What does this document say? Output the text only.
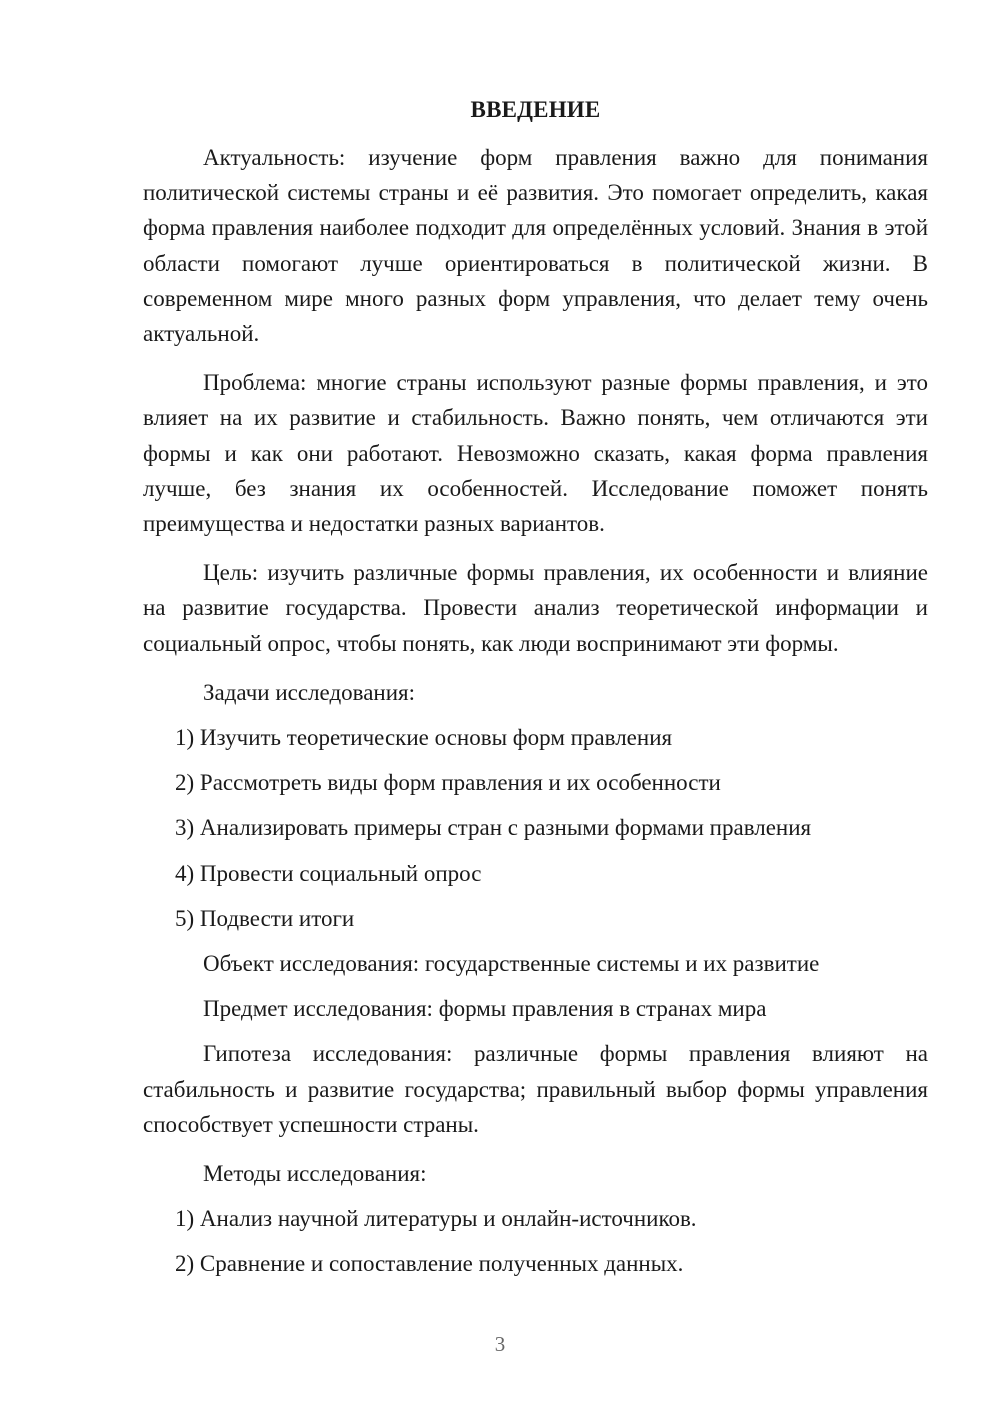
ВВЕДЕНИЕ

Актуальность: изучение форм правления важно для понимания политической системы страны и её развития. Это помогает определить, какая форма правления наиболее подходит для определённых условий. Знания в этой области помогают лучше ориентироваться в политической жизни. В современном мире много разных форм управления, что делает тему очень актуальной.

Проблема: многие страны используют разные формы правления, и это влияет на их развитие и стабильность. Важно понять, чем отличаются эти формы и как они работают. Невозможно сказать, какая форма правления лучше, без знания их особенностей. Исследование поможет понять преимущества и недостатки разных вариантов.

Цель: изучить различные формы правления, их особенности и влияние на развитие государства. Провести анализ теоретической информации и социальный опрос, чтобы понять, как люди воспринимают эти формы.

Задачи исследования:

1) Изучить теоретические основы форм правления

2) Рассмотреть виды форм правления и их особенности

3) Анализировать примеры стран с разными формами правления

4) Провести социальный опрос

5) Подвести итоги

Объект исследования: государственные системы и их развитие

Предмет исследования: формы правления в странах мира

Гипотеза исследования: различные формы правления влияют на стабильность и развитие государства; правильный выбор формы управления способствует успешности страны.

Методы исследования:

1) Анализ научной литературы и онлайн-источников.

2) Сравнение и сопоставление полученных данных.

3
